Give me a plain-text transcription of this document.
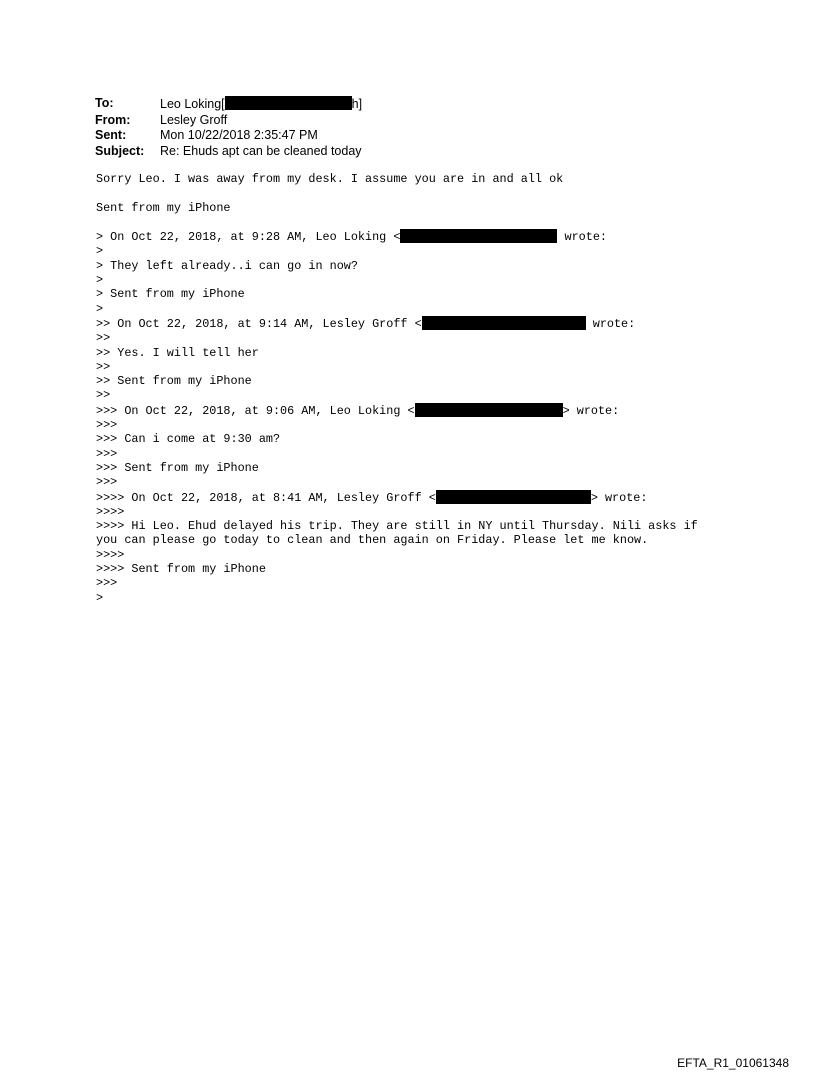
To:	Leo Loking[	h]
From:	Lesley Groff
Sent:	Mon 10/22/2018 2:35:47 PM
Subject:	Re: Ehuds apt can be cleaned today
Sorry Leo. I was away from my desk. I assume you are in and all ok
Sent from my iPhone
> On Oct 22, 2018, at 9:28 AM, Leo Loking <	wrote:
>
> They left already..i can go in now?
>
> Sent from my iPhone
>
>> On Oct 22, 2018, at 9:14 AM, Lesley Groff <	wrote:
>>
>> Yes. I will tell her
>>
>> Sent from my iPhone
>>
>>> On Oct 22, 2018, at 9:06 AM, Leo Loking <	> wrote:
>>>
>>> Can i come at 9:30 am?
>>>
>>> Sent from my iPhone
>>>
>>>> On Oct 22, 2018, at 8:41 AM, Lesley Groff <	> wrote:
>>>>
>>>> Hi Leo. Ehud delayed his trip. They are still in NY until Thursday. Nili asks if you can please go today to clean and then again on Friday. Please let me know.
>>>>
>>>> Sent from my iPhone
>>>
>
EFTA_R1_01061348
